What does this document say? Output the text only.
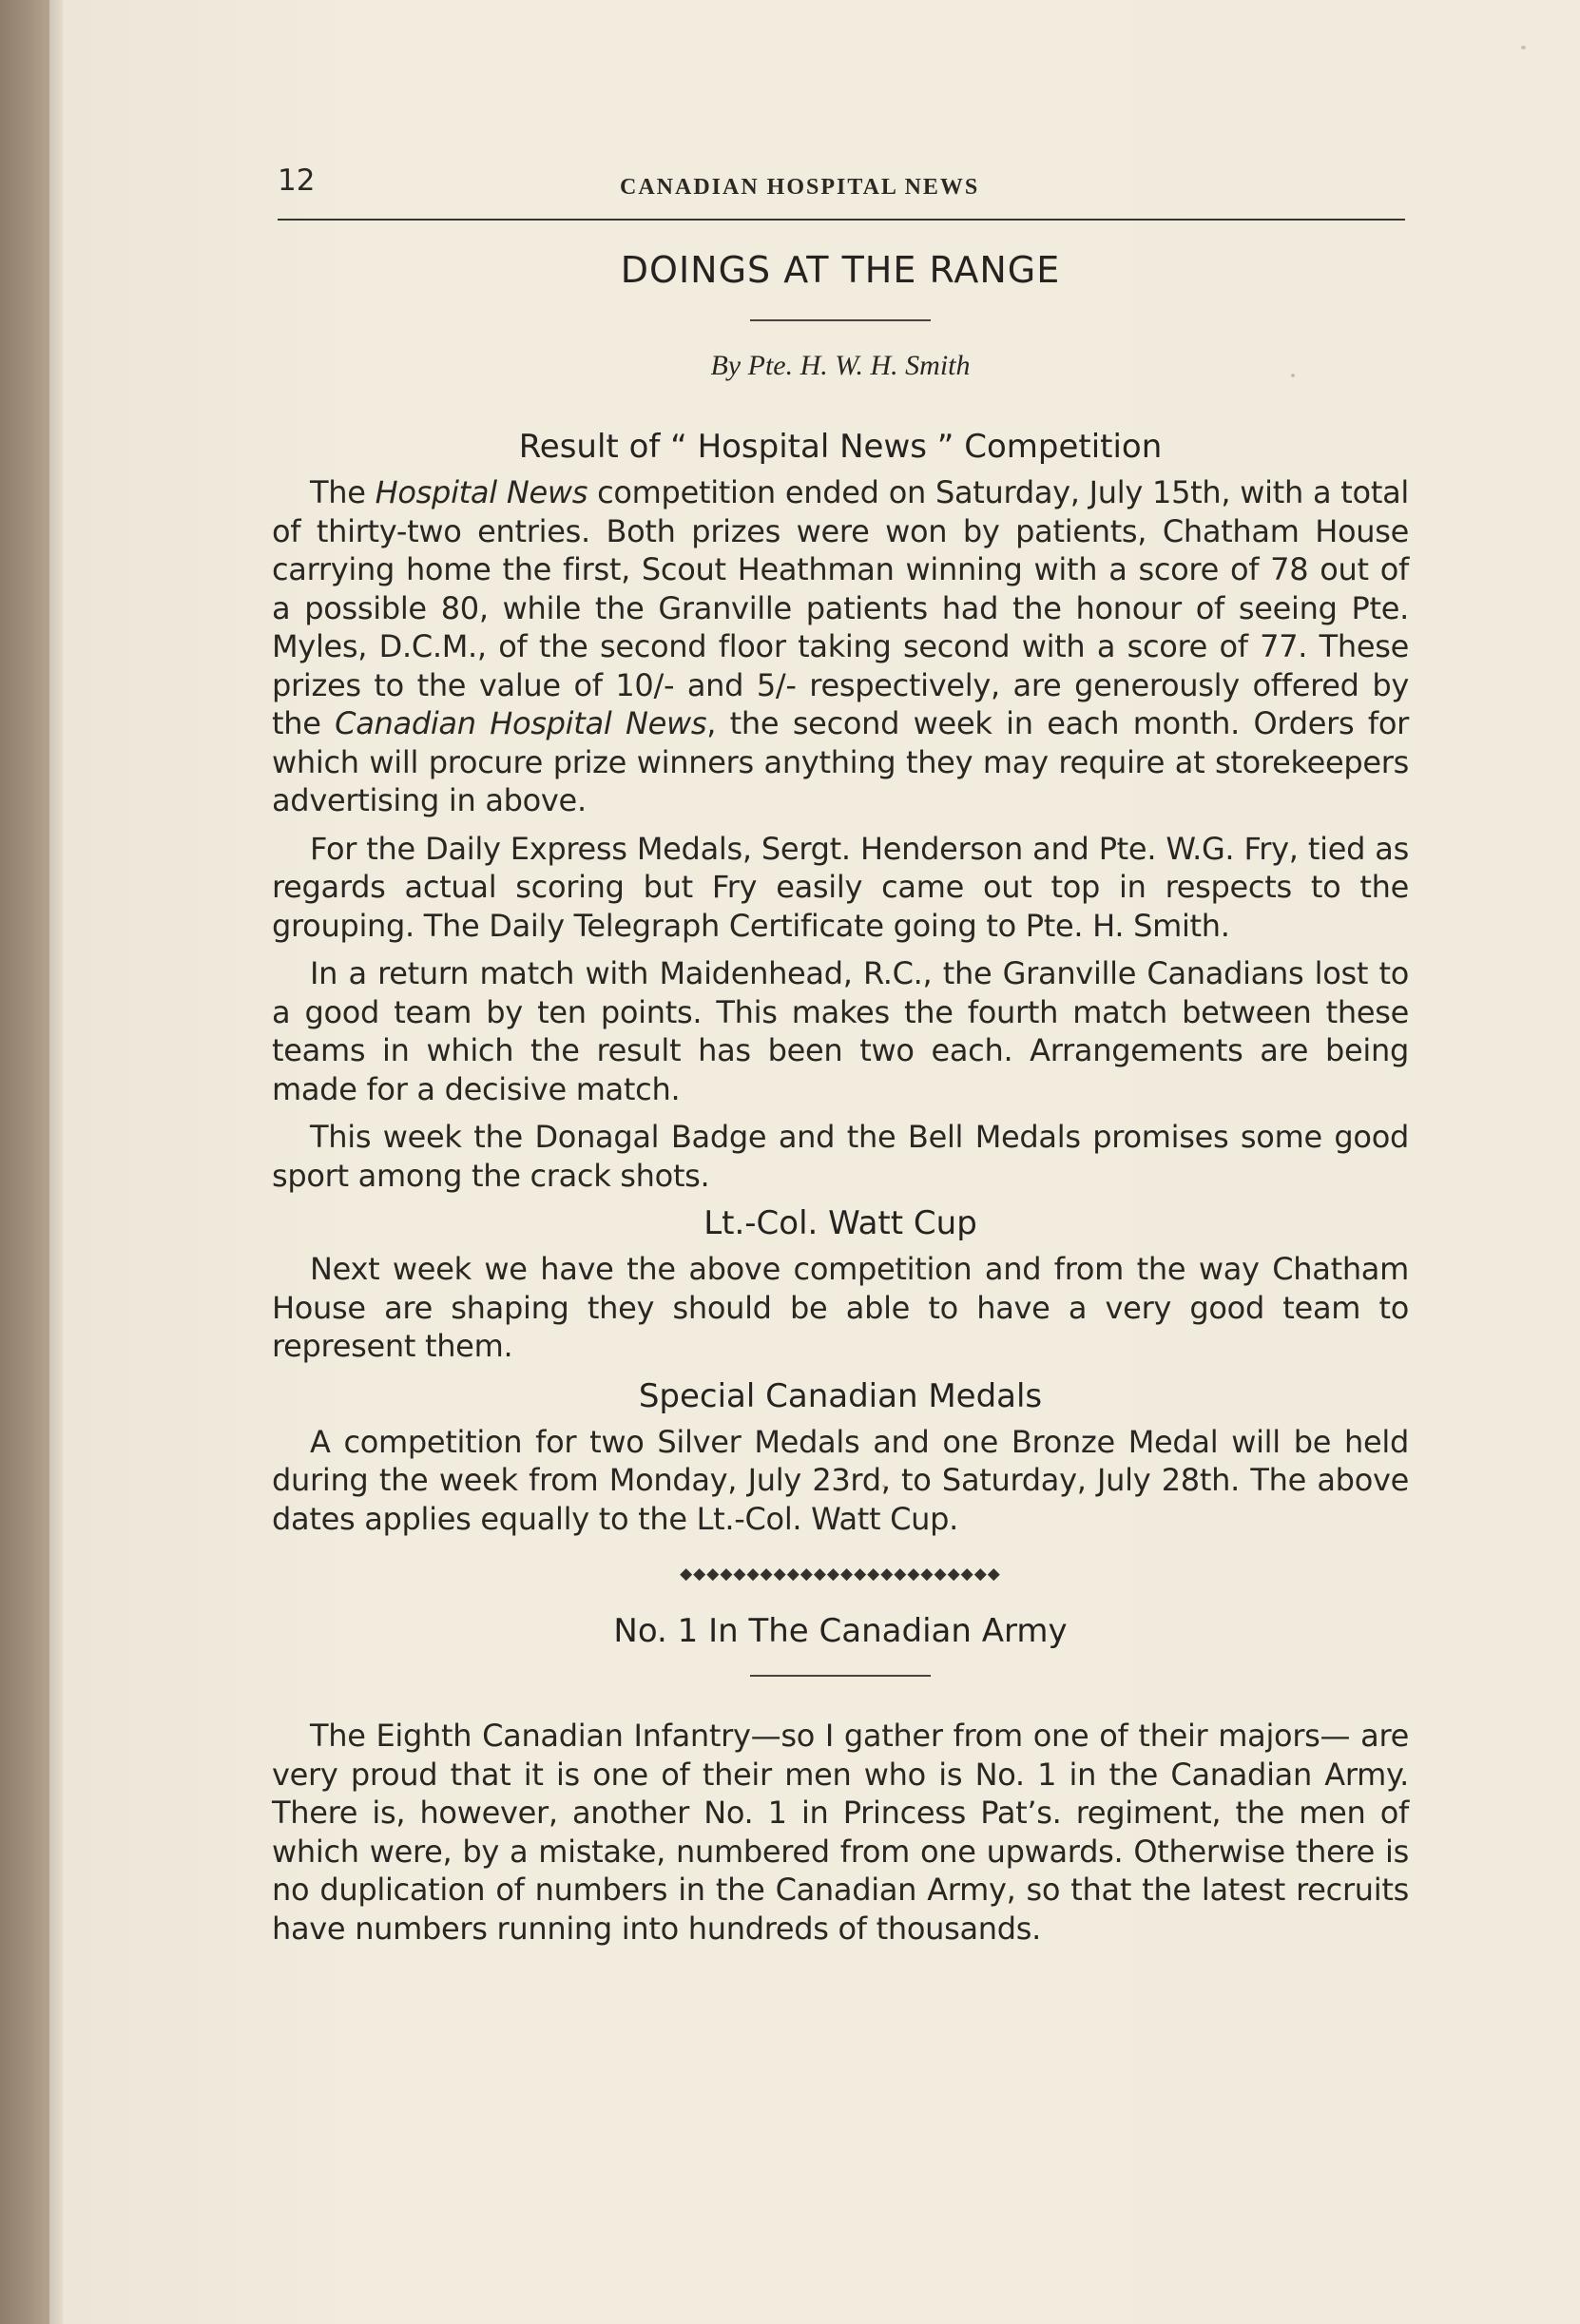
12	CANADIAN HOSPITAL NEWS
DOINGS AT THE RANGE
By Pte. H. W. H. Smith
Result of “ Hospital News ” Competition

The Hospital News competition ended on Saturday, July 15th, with a total of thirty-two entries. Both prizes were won by patients, Chatham House carrying home the first, Scout Heathman winning with a score of 78 out of a possible 80, while the Granville patients had the honour of seeing Pte. Myles, D.C.M., of the second floor taking second with a score of 77. These prizes to the value of 10/- and 5/- respectively, are generously offered by the Canadian Hospital News, the second week in each month. Orders for which will procure prize winners anything they may require at storekeepers advertising in above.

For the Daily Express Medals, Sergt. Henderson and Pte. W.G. Fry, tied as regards actual scoring but Fry easily came out top in respects to the grouping. The Daily Telegraph Certificate going to Pte. H. Smith.

In a return match with Maidenhead, R.C., the Granville Canadians lost to a good team by ten points. This makes the fourth match between these teams in which the result has been two each. Arrangements are being made for a decisive match.

This week the Donagal Badge and the Bell Medals promises some good sport among the crack shots.

Lt.-Col. Watt Cup

Next week we have the above competition and from the way Chatham House are shaping they should be able to have a very good team to represent them.

Special Canadian Medals

A competition for two Silver Medals and one Bronze Medal will be held during the week from Monday, July 23rd, to Saturday, July 28th. The above dates applies equally to the Lt.-Col. Watt Cup.

◆◆◆◆◆◆◆◆◆◆◆◆◆◆◆◆◆◆◆◆◆◆◆◆
No. 1 In The Canadian Army

The Eighth Canadian Infantry—so I gather from one of their majors— are very proud that it is one of their men who is No. 1 in the Canadian Army. There is, however, another No. 1 in Princess Pat’s. regiment, the men of which were, by a mistake, numbered from one upwards. Otherwise there is no duplication of numbers in the Canadian Army, so that the latest recruits have numbers running into hundreds of thousands.
